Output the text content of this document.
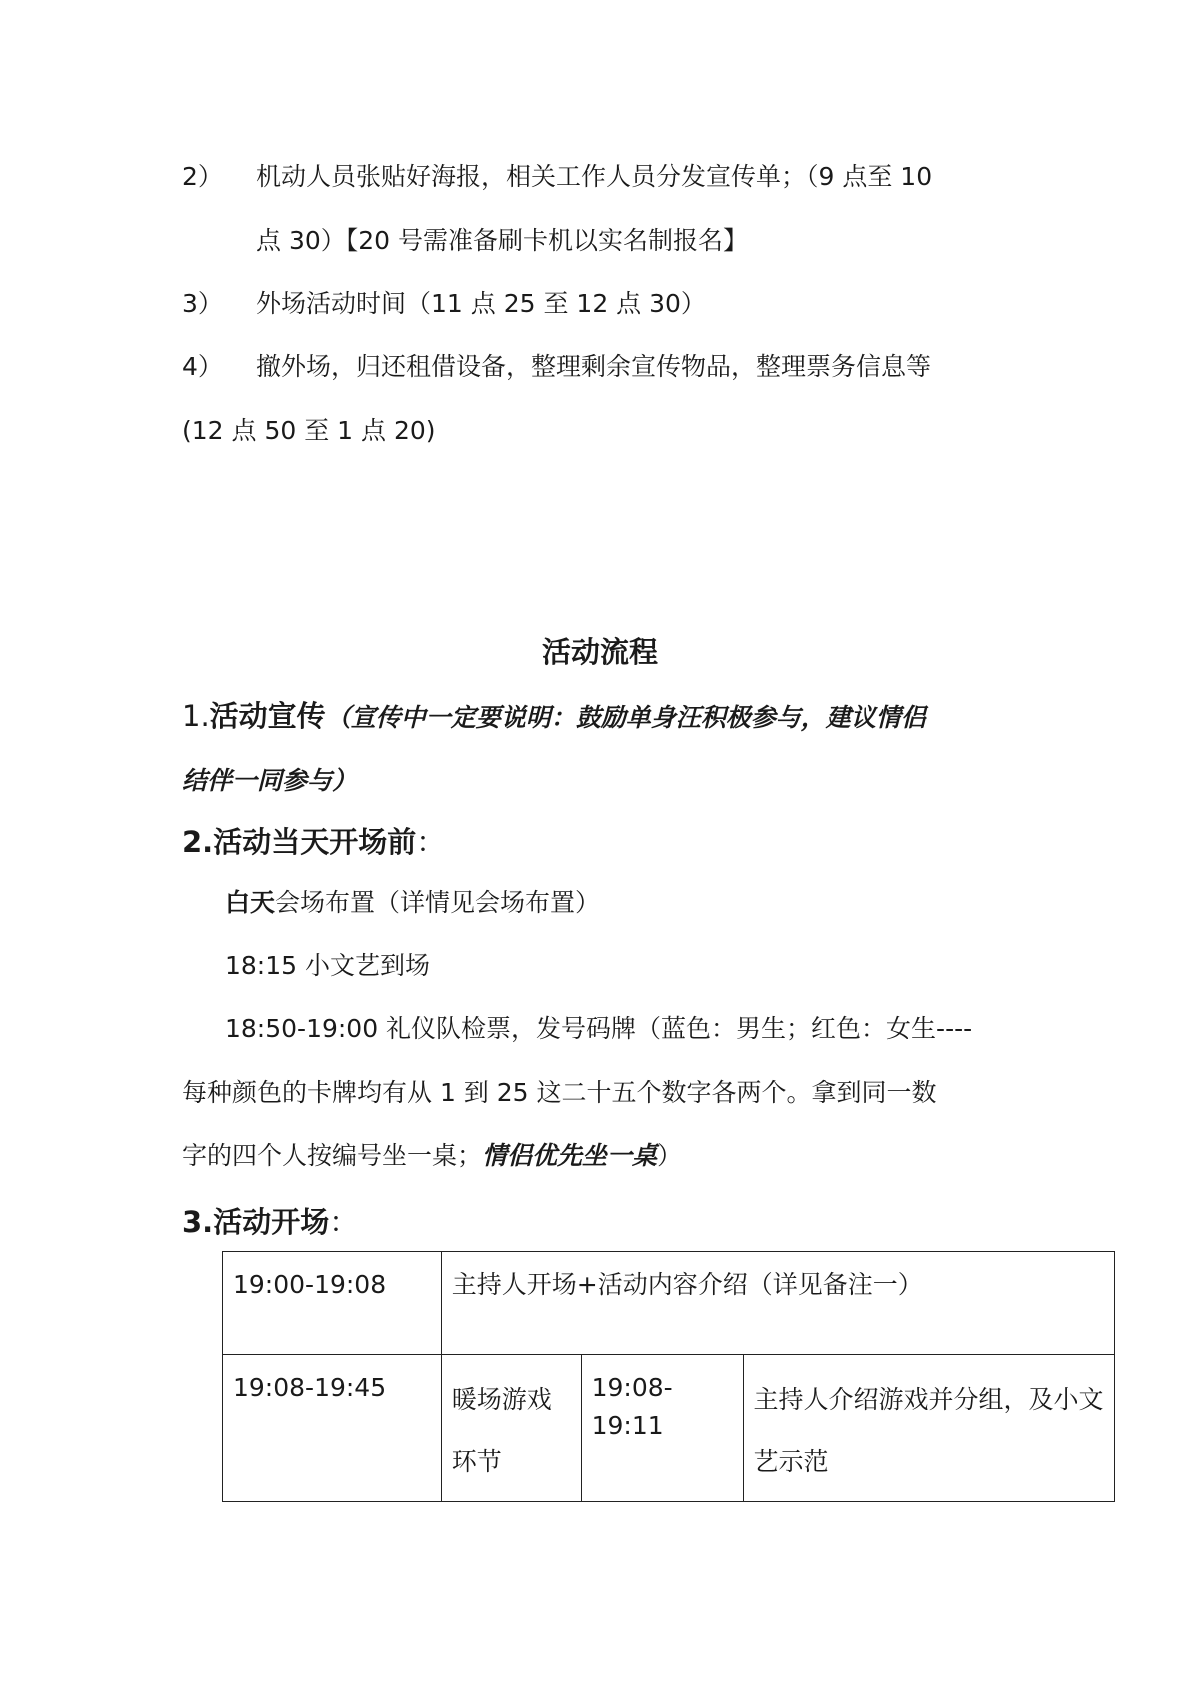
2） 机动人员张贴好海报，相关工作人员分发宣传单；（9 点至 10
点 30）【20 号需准备刷卡机以实名制报名】
3） 外场活动时间（11 点 25 至 12 点 30）
4） 撤外场，归还租借设备，整理剩余宣传物品，整理票务信息等
(12 点 50 至 1 点 20)
活动流程
1.活动宣传（宣传中一定要说明：鼓励单身汪积极参与，建议情侣
结伴一同参与）
2.活动当天开场前：
白天会场布置（详情见会场布置）
18:15 小文艺到场
18:50-19:00 礼仪队检票，发号码牌（蓝色：男生；红色：女生----
每种颜色的卡牌均有从 1 到 25 这二十五个数字各两个。拿到同一数
字的四个人按编号坐一桌；情侣优先坐一桌）
3.活动开场：
19:00-19:08	主持人开场+活动内容介绍（详见备注一）		

19:08-19:45	暖场游戏环节	19:08-19:11	主持人介绍游戏并分组，及小文艺示范
